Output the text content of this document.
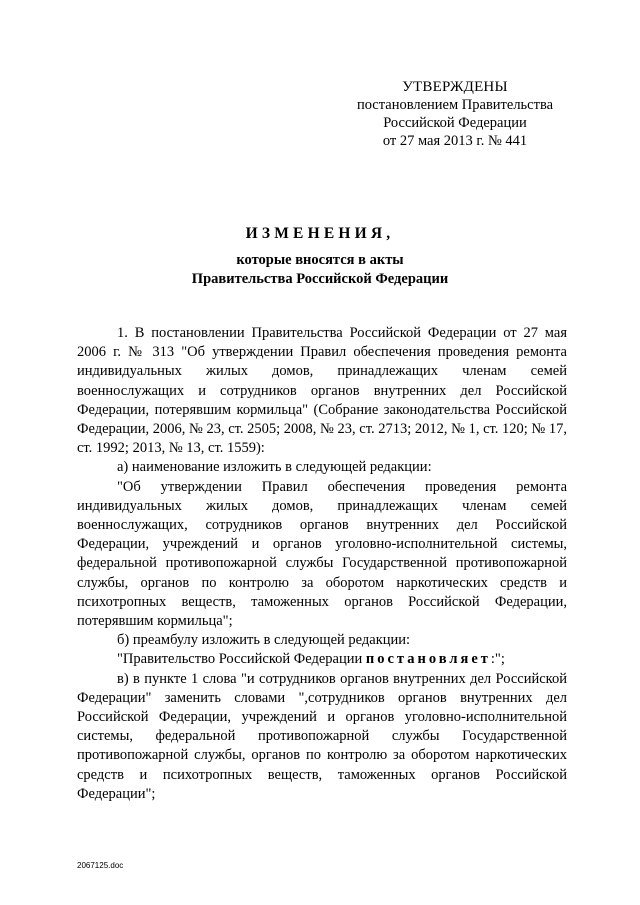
УТВЕРЖДЕНЫ
постановлением Правительства
Российской Федерации
от 27 мая 2013 г. № 441
ИЗМЕНЕНИЯ,
которые вносятся в акты
Правительства Российской Федерации

1. В постановлении Правительства Российской Федерации от 27 мая 2006 г. № 313 "Об утверждении Правил обеспечения проведения ремонта индивидуальных жилых домов, принадлежащих членам семей военнослужащих и сотрудников органов внутренних дел Российской Федерации, потерявшим кормильца" (Собрание законодательства Российской Федерации, 2006, № 23, ст. 2505; 2008, № 23, ст. 2713; 2012, № 1, ст. 120; № 17, ст. 1992; 2013, № 13, ст. 1559):

а) наименование изложить в следующей редакции:

"Об утверждении Правил обеспечения проведения ремонта индивидуальных жилых домов, принадлежащих членам семей военнослужащих, сотрудников органов внутренних дел Российской Федерации, учреждений и органов уголовно-исполнительной системы, федеральной противопожарной службы Государственной противопожарной службы, органов по контролю за оборотом наркотических средств и психотропных веществ, таможенных органов Российской Федерации, потерявшим кормильца";

б) преамбулу изложить в следующей редакции:

"Правительство Российской Федерации постановляет:";

в) в пункте 1 слова "и сотрудников органов внутренних дел Российской Федерации" заменить словами ",сотрудников органов внутренних дел Российской Федерации, учреждений и органов уголовно-исполнительной системы, федеральной противопожарной службы Государственной противопожарной службы, органов по контролю за оборотом наркотических средств и психотропных веществ, таможенных органов Российской Федерации";

2067125.doc
